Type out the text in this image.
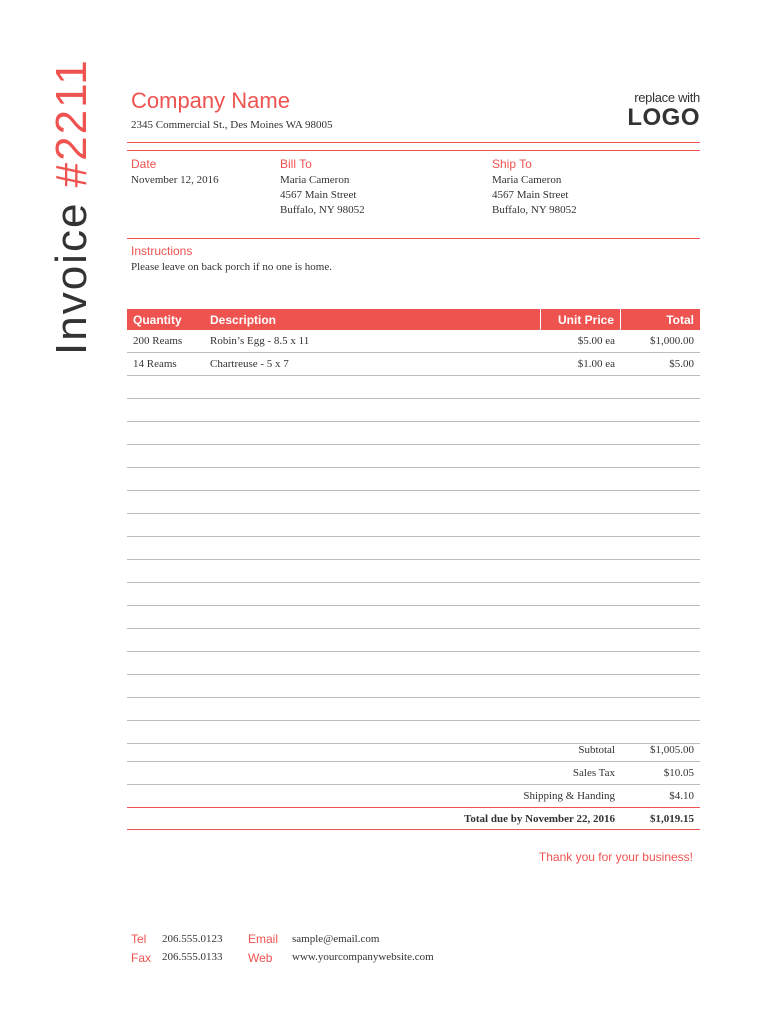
Invoice #2211 Company Name
2345 Commercial St., Des Moines WA 98005
replace with
LOGO
Date
November 12, 2016
Bill To
Maria Cameron
4567 Main Street
Buffalo, NY 98052
Ship To
Maria Cameron
4567 Main Street
Buffalo, NY 98052
Instructions
Please leave on back porch if no one is home.
Quantity Description	Unit Price	Total
200 Reams	Robin’s Egg - 8.5 x 11	$5.00 ea	$1,000.00
14 Reams	Chartreuse - 5 x 7	$1.00 ea	$5.00
Subtotal	$1,005.00
Sales Tax	$10.05
Shipping & Handing	$4.10
Total due by November 22, 2016	$1,019.15
Thank you for your business!
Tel 206.555.0123
Fax 206.555.0133
Email sample@email.com
Web www.yourcompanywebsite.com
